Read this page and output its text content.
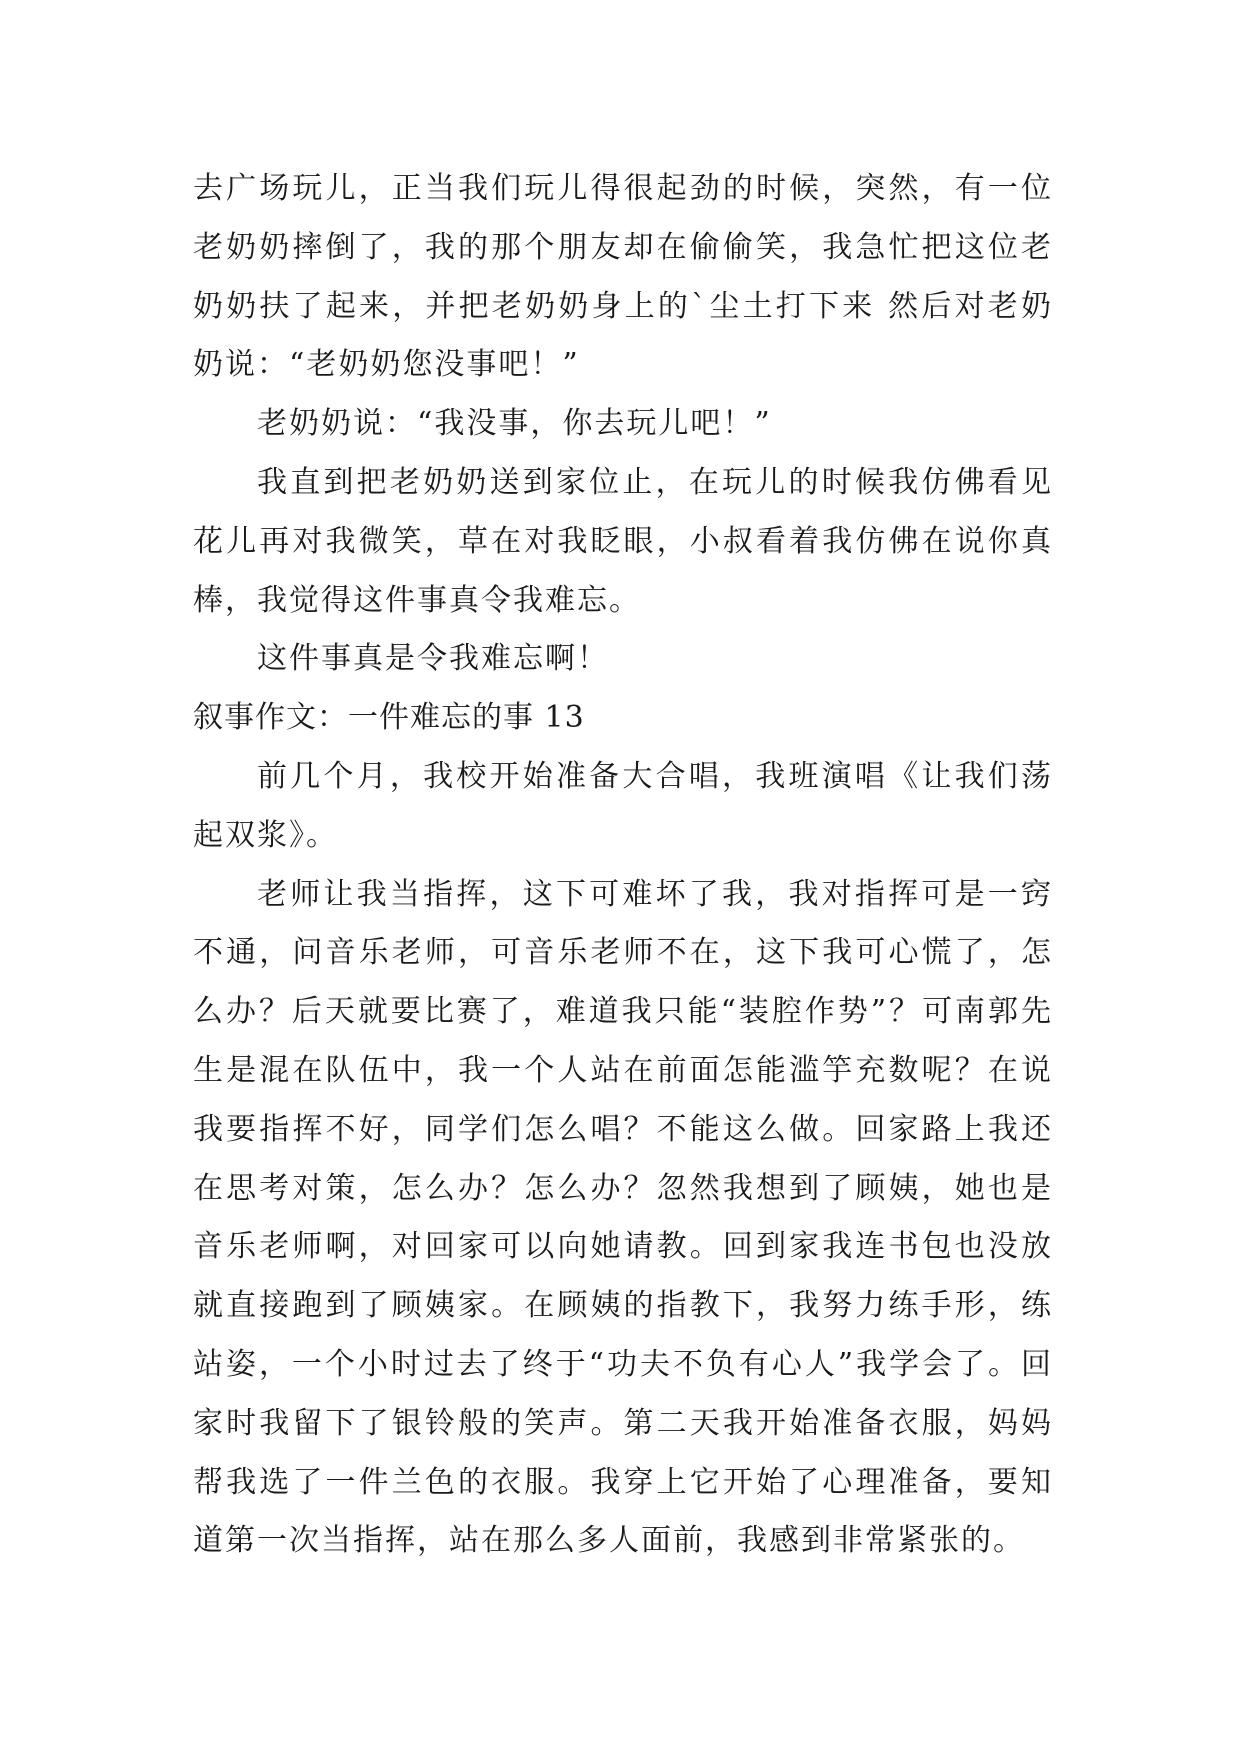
去广场玩儿，正当我们玩儿得很起劲的时候，突然，有一位老奶奶摔倒了，我的那个朋友却在偷偷笑，我急忙把这位老奶奶扶了起来，并把老奶奶身上的`尘土打下来 然后对老奶奶说：“老奶奶您没事吧！”

老奶奶说：“我没事，你去玩儿吧！”

我直到把老奶奶送到家位止，在玩儿的时候我仿佛看见花儿再对我微笑，草在对我眨眼，小叔看着我仿佛在说你真棒，我觉得这件事真令我难忘。

这件事真是令我难忘啊！

叙事作文：一件难忘的事 13

前几个月，我校开始准备大合唱，我班演唱《让我们荡起双浆》。

老师让我当指挥，这下可难坏了我，我对指挥可是一窍不通，问音乐老师，可音乐老师不在，这下我可心慌了，怎么办？后天就要比赛了，难道我只能“装腔作势”？可南郭先生是混在队伍中，我一个人站在前面怎能滥竽充数呢？在说我要指挥不好，同学们怎么唱？不能这么做。回家路上我还在思考对策，怎么办？怎么办？忽然我想到了顾姨，她也是音乐老师啊，对回家可以向她请教。回到家我连书包也没放就直接跑到了顾姨家。在顾姨的指教下，我努力练手形，练站姿，一个小时过去了终于“功夫不负有心人”我学会了。回家时我留下了银铃般的笑声。第二天我开始准备衣服，妈妈帮我选了一件兰色的衣服。我穿上它开始了心理准备，要知道第一次当指挥，站在那么多人面前，我感到非常紧张的。
